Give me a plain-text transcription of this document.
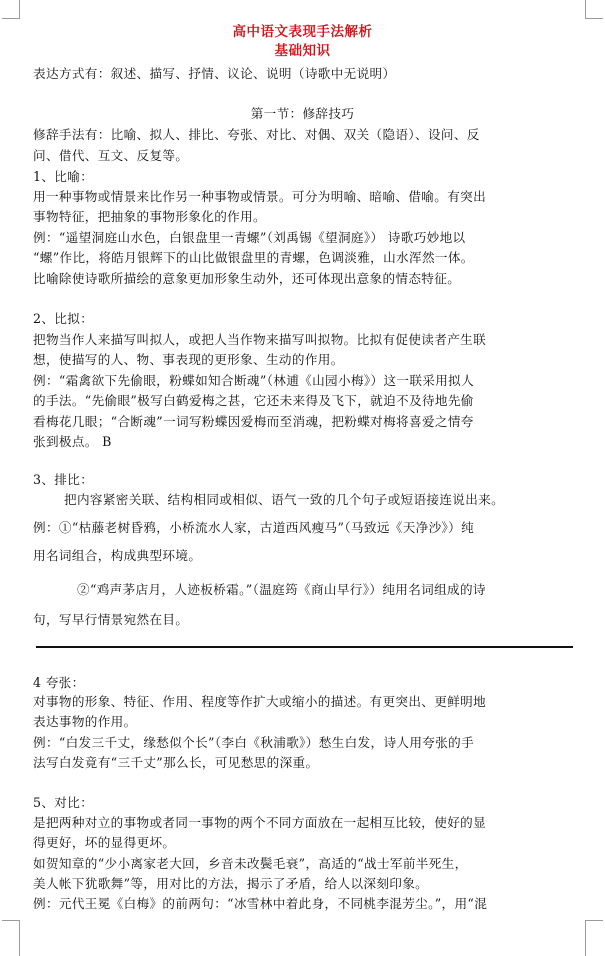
高中语文表现手法解析
基础知识
表达方式有：叙述、描写、抒情、议论、说明（诗歌中无说明）
第一节：修辞技巧
修辞手法有：比喻、拟人、排比、夸张、对比、对偶、双关（隐语）、设问、反
问、借代、互文、反复等。
1、比喻：
用一种事物或情景来比作另一种事物或情景。可分为明喻、暗喻、借喻。有突出
事物特征，把抽象的事物形象化的作用。
例：“遥望洞庭山水色，白银盘里一青螺”（刘禹锡《望洞庭》） 诗歌巧妙地以
“螺”作比，将皓月银辉下的山比做银盘里的青螺，色调淡雅，山水浑然一体。
比喻除使诗歌所描绘的意象更加形象生动外，还可体现出意象的情态特征。
2、比拟：
把物当作人来描写叫拟人，或把人当作物来描写叫拟物。比拟有促使读者产生联
想，使描写的人、物、事表现的更形象、生动的作用。
例：“霜禽欲下先偷眼，粉蝶如知合断魂”（林逋《山园小梅》）这一联采用拟人
的手法。“先偷眼”极写白鹤爱梅之甚，它还未来得及飞下，就迫不及待地先偷
看梅花几眼；“合断魂”一词写粉蝶因爱梅而至消魂，把粉蝶对梅将喜爱之情夸
张到极点。 B
3、排比：
把内容紧密关联、结构相同或相似、语气一致的几个句子或短语接连说出来。
例：①“枯藤老树昏鸦，小桥流水人家，古道西风瘦马”（马致远《天净沙》）纯
用名词组合，构成典型环境。
②“鸡声茅店月，人迹板桥霜。”（温庭筠《商山早行》）纯用名词组成的诗
句，写早行情景宛然在目。
4 夸张：
对事物的形象、特征、作用、程度等作扩大或缩小的描述。有更突出、更鲜明地
表达事物的作用。
例：“白发三千丈，缘愁似个长”（李白《秋浦歌》）愁生白发，诗人用夸张的手
法写白发竟有“三千丈”那么长，可见愁思的深重。
5、对比：
是把两种对立的事物或者同一事物的两个不同方面放在一起相互比较，使好的显
得更好，坏的显得更坏。
如贺知章的“少小离家老大回，乡音未改鬓毛衰”，高适的“战士军前半死生，
美人帐下犹歌舞”等，用对比的方法，揭示了矛盾，给人以深刻印象。
例：元代王冕《白梅》的前两句：“冰雪林中着此身，不同桃李混芳尘。”，用“混
